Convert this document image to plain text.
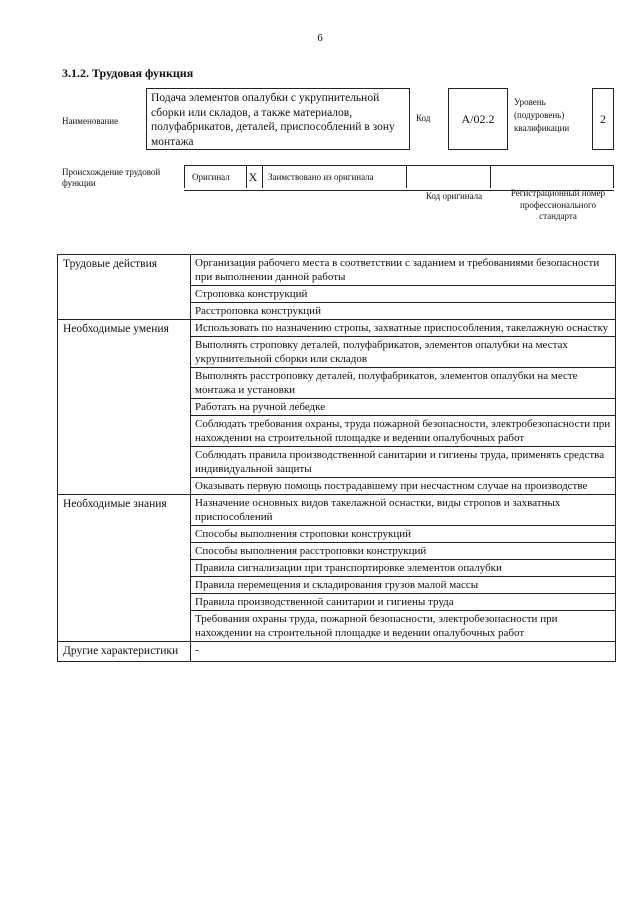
6
3.1.2. Трудовая функция
Наименование
Подача элементов опалубки с укрупнительной сборки или складов, а также материалов, полуфабрикатов, деталей, приспособлений в зону монтажа
Код	A/02.2
Уровень (подуровень) квалификации
2
Происхождение трудовой функции
Оригинал X Заимствовано из оригинала
Код оригинала	Регистрационный номер профессионального стандарта
Трудовые действия	Организация рабочего места в соответствии с заданием и требованиями безопасности при выполнении данной работы
	Строповка конструкций
	Расстроповка конструкций
Необходимые умения	Использовать по назначению стропы, захватные приспособления, такелажную оснастку
	Выполнять строповку деталей, полуфабрикатов, элементов опалубки на местах укрупнительной сборки или складов
	Выполнять расстроповку деталей, полуфабрикатов, элементов опалубки на месте монтажа и установки
	Работать на ручной лебедке
	Соблюдать требования охраны, труда пожарной безопасности, электробезопасности при нахождении на строительной площадке и ведении опалубочных работ
	Соблюдать правила производственной санитарии и гигиены труда, применять средства индивидуальной защиты
	Оказывать первую помощь пострадавшему при несчастном случае на производстве
Необходимые знания	Назначение основных видов такелажной оснастки, виды стропов и захватных приспособлений
	Способы выполнения строповки конструкций
	Способы выполнения расстроповки конструкций
	Правила сигнализации при транспортировке элементов опалубки
	Правила перемещения и складирования грузов малой массы
	Правила производственной санитарии и гигиены труда
	Требования охраны труда, пожарной безопасности, электробезопасности при нахождении на строительной площадке и ведении опалубочных работ
Другие характеристики	-
